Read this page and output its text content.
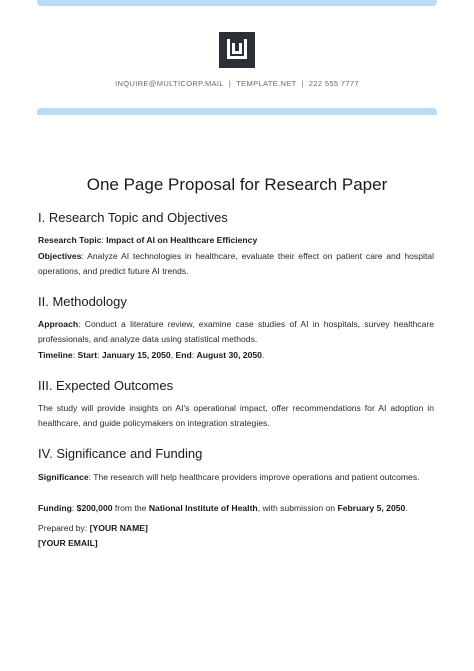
INQUIRE@MULTICORP.MAIL | TEMPLATE.NET | 222 555 7777
One Page Proposal for Research Paper
I. Research Topic and Objectives

Research Topic: Impact of AI on Healthcare Efficiency

Objectives: Analyze AI technologies in healthcare, evaluate their effect on patient care and hospital operations, and predict future AI trends.

II. Methodology

Approach: Conduct a literature review, examine case studies of AI in hospitals, survey healthcare professionals, and analyze data using statistical methods.

Timeline: Start: January 15, 2050, End: August 30, 2050.

III. Expected Outcomes

The study will provide insights on AI's operational impact, offer recommendations for AI adoption in healthcare, and guide policymakers on integration strategies.

IV. Significance and Funding

Significance: The research will help healthcare providers improve operations and patient outcomes.

Funding: $200,000 from the National Institute of Health, with submission on February 5, 2050.

Prepared by: [YOUR NAME]

[YOUR EMAIL]
